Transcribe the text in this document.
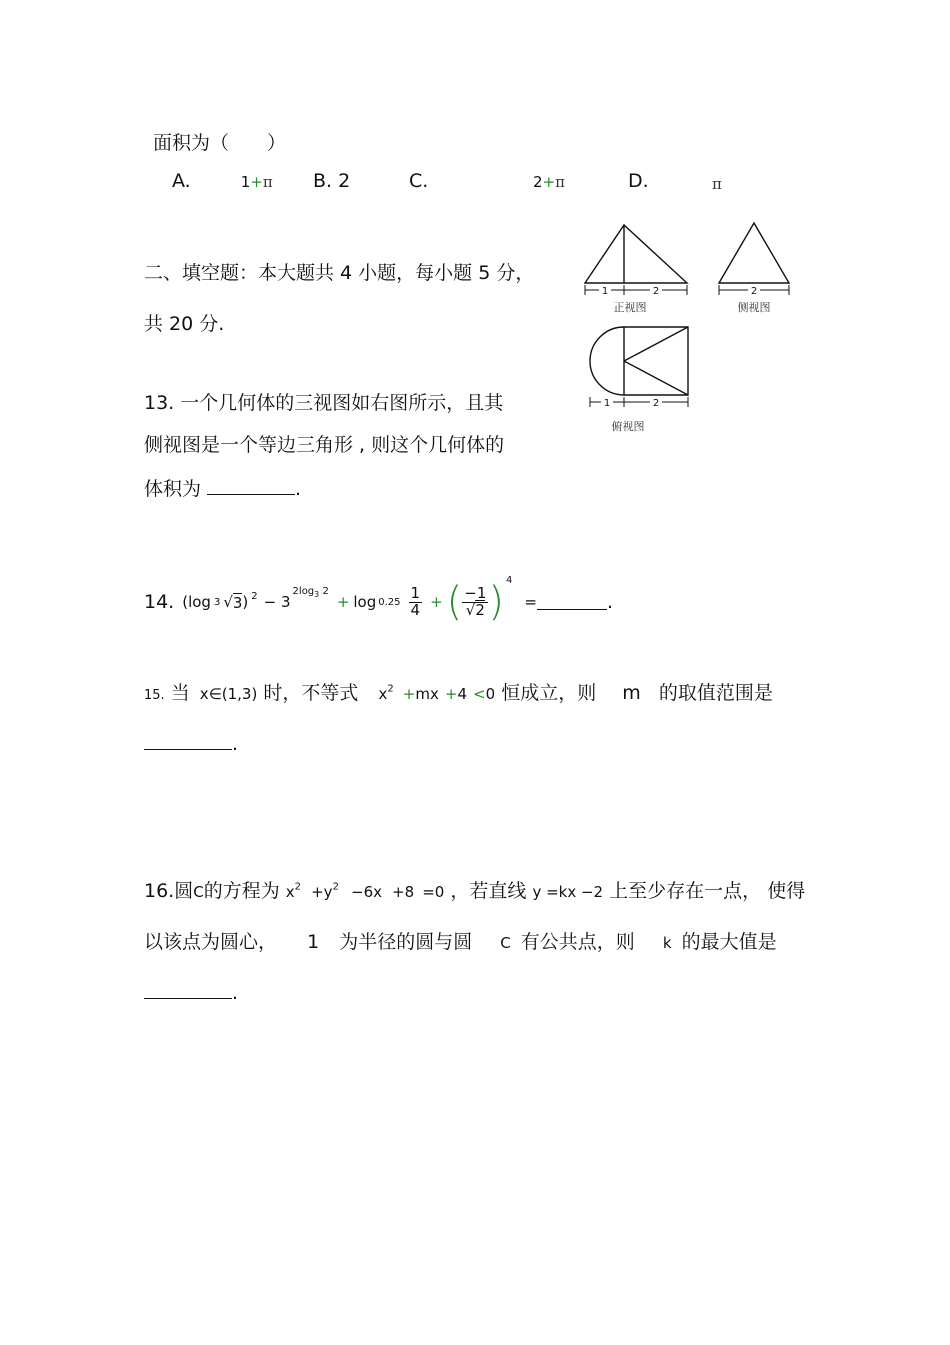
面积为（　　）
A.	1+π B. 2	C.	2+π	D.	π
二、填空题：本大题共 4 小题，每小题 5 分，
共 20 分.
1	2	2
1	2
正视图	侧视图
俯视图
13. 一个几何体的三视图如右图所示，且其
侧视图是一个等边三角形 , 则这个几何体的
体积为	.
14. (log 3 √ 3 ) $^2$ − 3
$2\log_3$ 2
+ $\log 0.25 \frac{1}{4}$ + ( $\frac{-1}{√2} )^4$
=	.
15. 当 x∈(1,3) 时，不等式 $x^2 +mx +4 <0$ 恒成立，则 m 的取值范围是
.
16.圆C的方程为 $x^2 +y^2 -6x +8 =0$ ，若直线 y =kx −2 上至少存在一点， 使得
以该点为圆心， 1 为半径的圆与圆 C 有公共点，则 k 的最大值是
.
